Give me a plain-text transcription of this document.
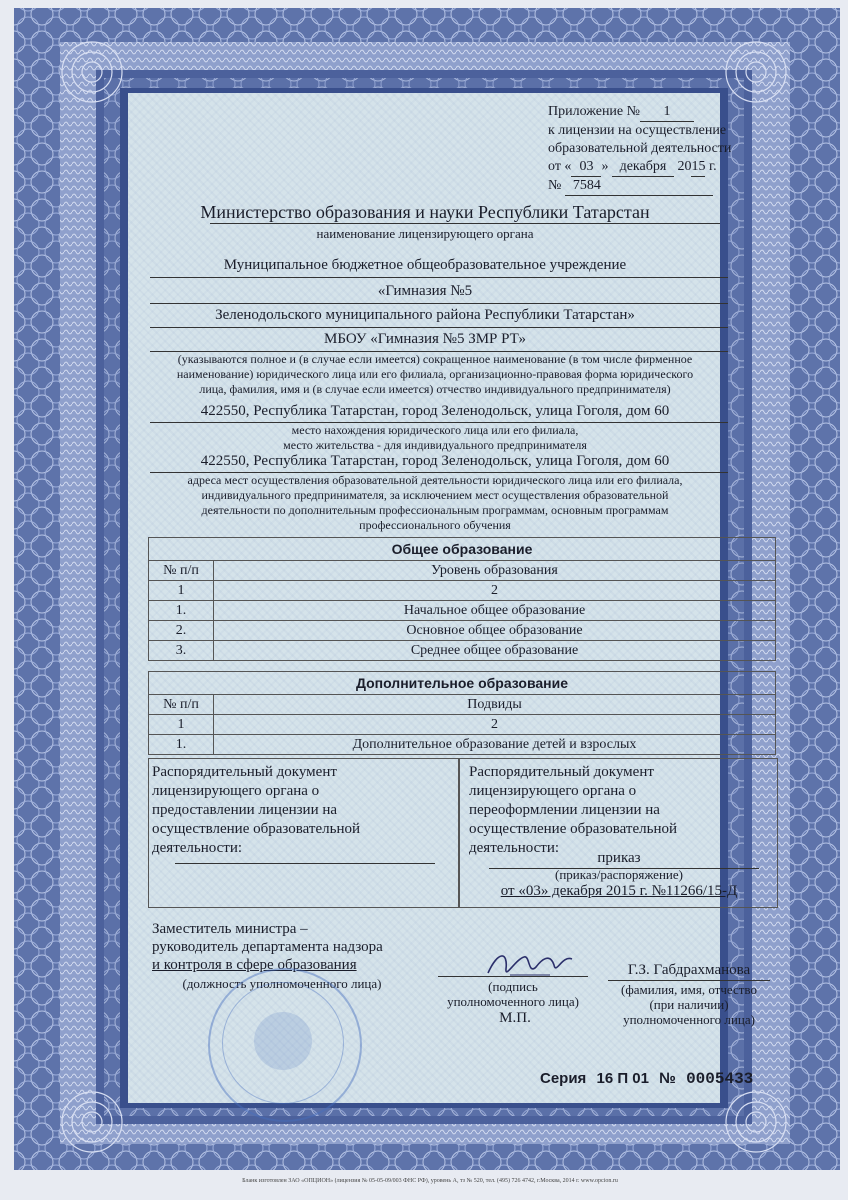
Приложение № 1
к лицензии на осуществление
образовательной деятельности
от « 03 » декабря 2015 г.
№ 7584
Министерство образования и науки Республики Татарстан
наименование лицензирующего органа
Муниципальное бюджетное общеобразовательное учреждение
«Гимназия №5
Зеленодольского муниципального района Республики Татарстан»
МБОУ «Гимназия №5 ЗМР РТ»
(указываются полное и (в случае если имеется) сокращенное наименование (в том числе фирменное
наименование) юридического лица или его филиала, организационно-правовая форма юридического
лица, фамилия, имя и (в случае если имеется) отчество индивидуального предпринимателя)
422550, Республика Татарстан, город Зеленодольск, улица Гоголя, дом 60
место нахождения юридического лица или его филиала,
место жительства - для индивидуального предпринимателя
422550, Республика Татарстан, город Зеленодольск, улица Гоголя, дом 60
адреса мест осуществления образовательной деятельности юридического лица или его филиала,
индивидуального предпринимателя, за исключением мест осуществления образовательной
деятельности по дополнительным профессиональным программам, основным программам
профессионального обучения
Общее образование	
№ п/п	Уровень образования
1	2
1.	Начальное общее образование
2.	Основное общее образование
3.	Среднее общее образование
Дополнительное образование	
№ п/п	Подвиды
1	2
1.	Дополнительное образование детей и взрослых
Распорядительный документ
лицензирующего органа о
предоставлении лицензии на
осуществление образовательной
деятельности:
Распорядительный документ
лицензирующего органа о
переоформлении лицензии на
осуществление образовательной
деятельности:
приказ
(приказ/распоряжение)
от «03» декабря 2015 г. №11266/15-Д
Заместитель министра –
руководитель департамента надзора
и контроля в сфере образования
(должность уполномоченного лица)	(подпись
уполномоченного лица)
М.П.
Г.З. Габдрахманова
(фамилия, имя, отчество
(при наличии)
уполномоченного лица)
Серия 16 П 01 № 0005433
Бланк изготовлен ЗАО «ОПЦИОН» (лицензия № 05-05-09/003 ФНС РФ), уровень А, тз № 520, тел. (495) 726 4742, г.Москва, 2014 г. www.opcion.ru
